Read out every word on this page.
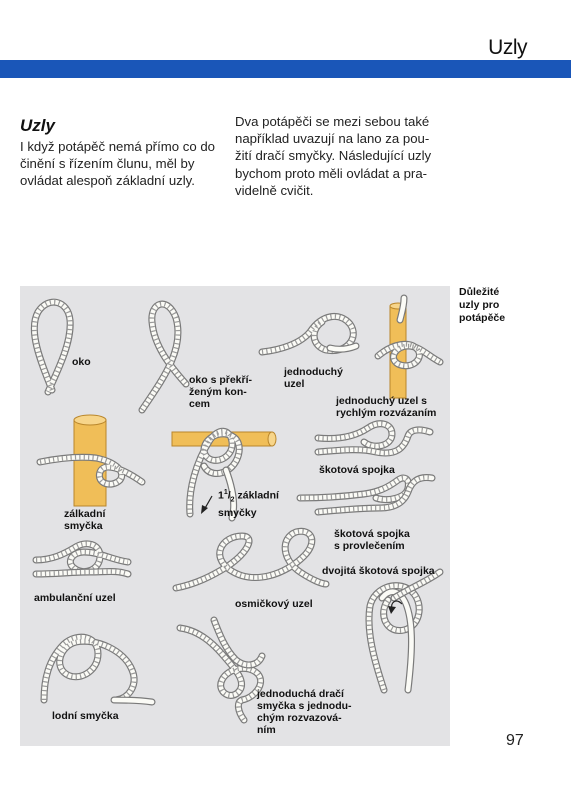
Uzly
Uzly
I když potápěč nemá přímo co do
činění s řízením člunu, měl by
ovládat alespoň základní uzly.
Dva potápěči se mezi sebou také
například uvazují na lano za pou-
žití dračí smyčky. Následující uzly
bychom proto měli ovládat a pra-
videlně cvičit.
Důležité
uzly pro
potápěče
oko
oko s překří-
ženým kon-
cem
jednoduchý
uzel
jednoduchý uzel s
rychlým rozvázaním
zálkadní
smyčka
$1^1/_2$ základní
smyčky
škotová spojka
škotová spojka
s provlečením
dvojitá škotová spojka
ambulanční uzel	osmičkový uzel
lodní smyčka
jednoduchá dračí
smyčka s jednodu-
chým rozvazová-
ním
97
